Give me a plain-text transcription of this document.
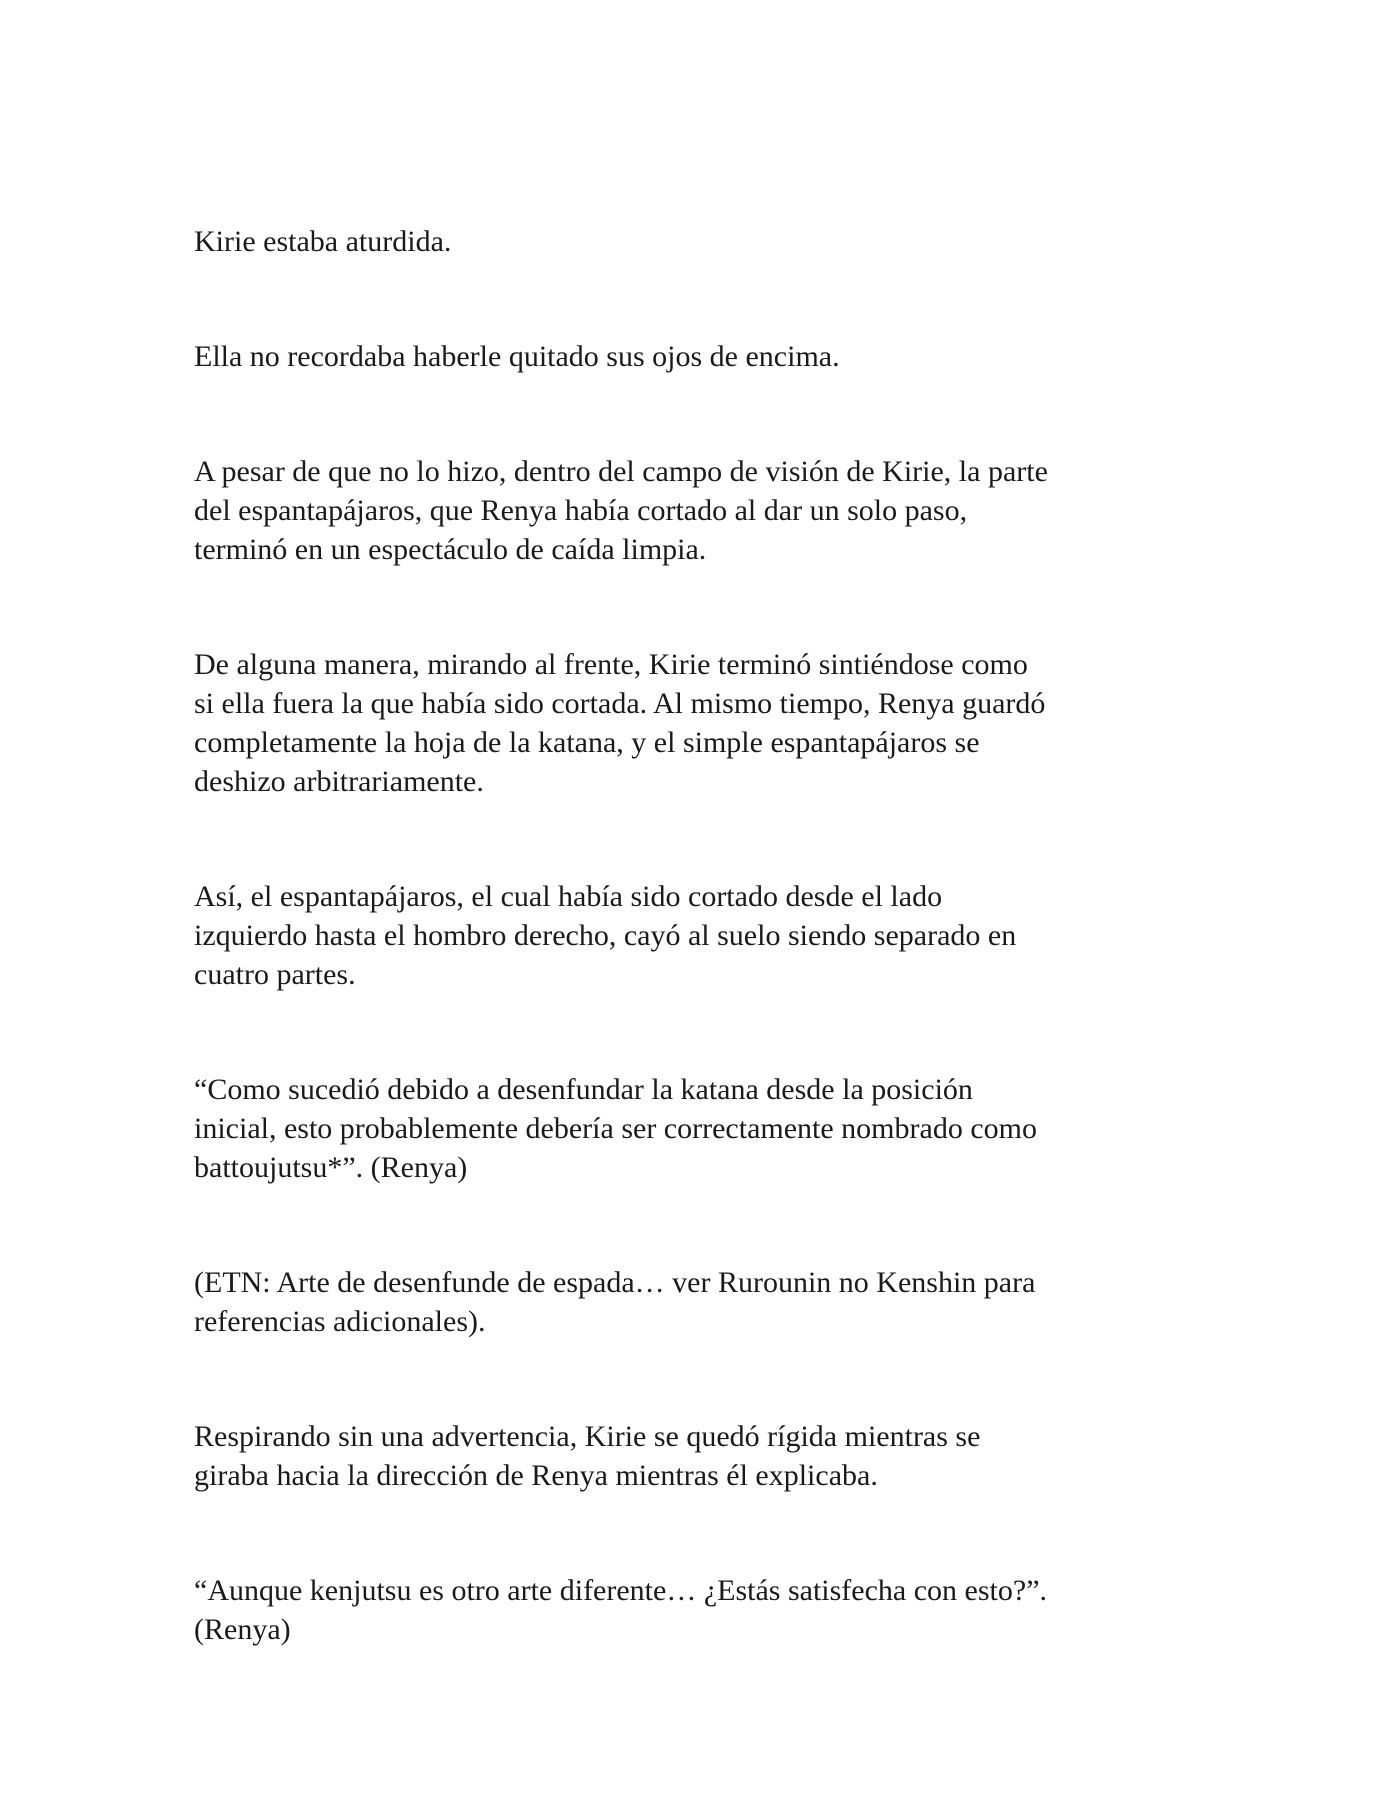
Kirie estaba aturdida.

Ella no recordaba haberle quitado sus ojos de encima.

A pesar de que no lo hizo, dentro del campo de visión de Kirie, la parte
del espantapájaros, que Renya había cortado al dar un solo paso,
terminó en un espectáculo de caída limpia.

De alguna manera, mirando al frente, Kirie terminó sintiéndose como
si ella fuera la que había sido cortada. Al mismo tiempo, Renya guardó
completamente la hoja de la katana, y el simple espantapájaros se
deshizo arbitrariamente.

Así, el espantapájaros, el cual había sido cortado desde el lado
izquierdo hasta el hombro derecho, cayó al suelo siendo separado en
cuatro partes.

“Como sucedió debido a desenfundar la katana desde la posición
inicial, esto probablemente debería ser correctamente nombrado como
battoujutsu*”. (Renya)

(ETN: Arte de desenfunde de espada… ver Rurounin no Kenshin para
referencias adicionales).

Respirando sin una advertencia, Kirie se quedó rígida mientras se
giraba hacia la dirección de Renya mientras él explicaba.

“Aunque kenjutsu es otro arte diferente… ¿Estás satisfecha con esto?”.
(Renya)
